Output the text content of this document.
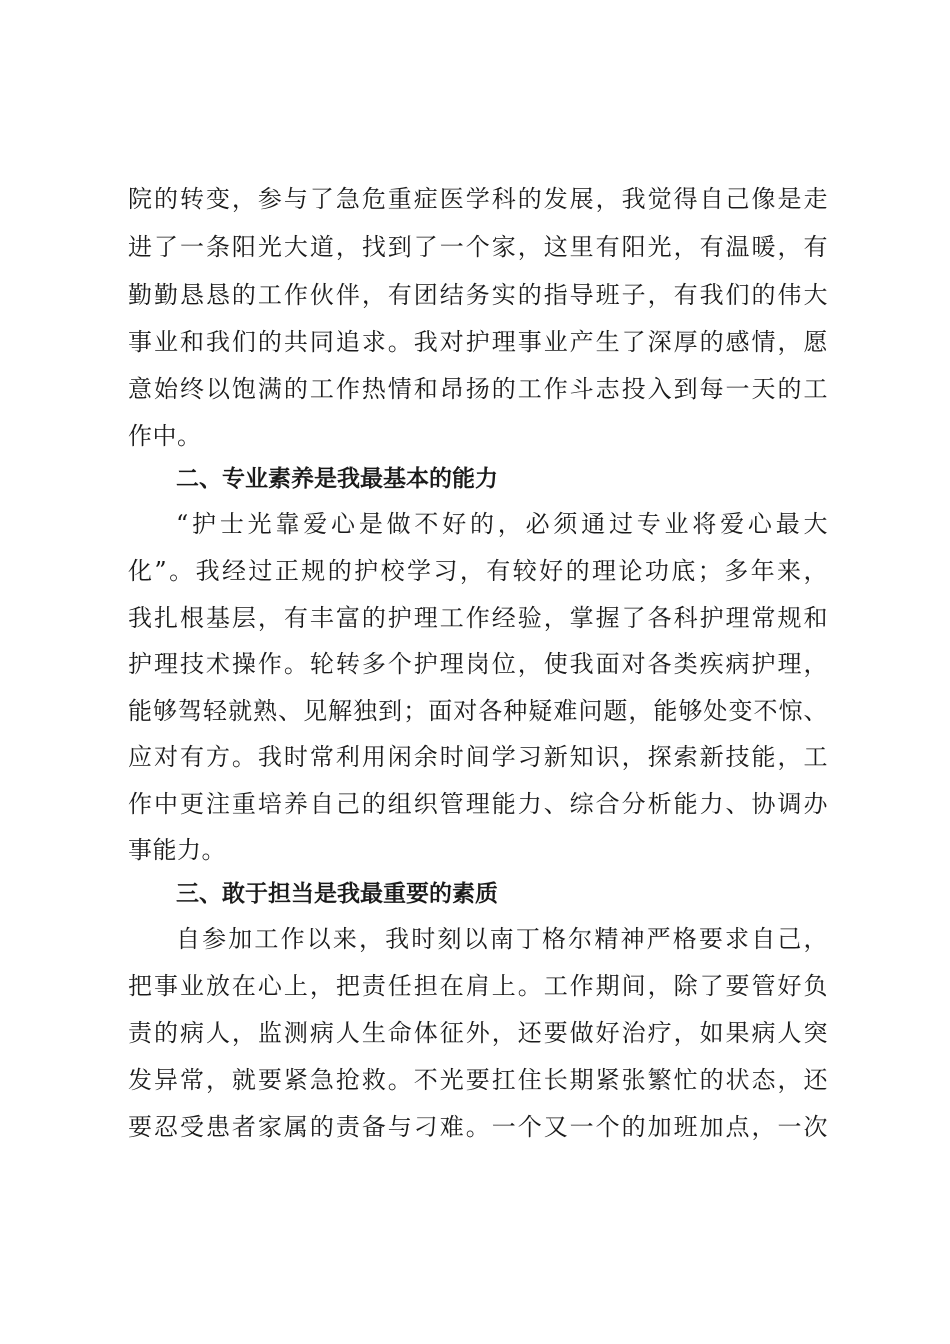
院的转变，参与了急危重症医学科的发展，我觉得自己像是走
进了一条阳光大道，找到了一个家，这里有阳光，有温暖，有
勤勤恳恳的工作伙伴，有团结务实的指导班子，有我们的伟大
事业和我们的共同追求。我对护理事业产生了深厚的感情，愿
意始终以饱满的工作热情和昂扬的工作斗志投入到每一天的工
作中。
二、专业素养是我最基本的能力
“护士光靠爱心是做不好的，必须通过专业将爱心最大
化”。我经过正规的护校学习，有较好的理论功底；多年来，
我扎根基层，有丰富的护理工作经验，掌握了各科护理常规和
护理技术操作。轮转多个护理岗位，使我面对各类疾病护理，
能够驾轻就熟、见解独到；面对各种疑难问题，能够处变不惊、
应对有方。我时常利用闲余时间学习新知识，探索新技能，工
作中更注重培养自己的组织管理能力、综合分析能力、协调办
事能力。
三、敢于担当是我最重要的素质
自参加工作以来，我时刻以南丁格尔精神严格要求自己，
把事业放在心上，把责任担在肩上。工作期间，除了要管好负
责的病人，监测病人生命体征外，还要做好治疗，如果病人突
发异常，就要紧急抢救。不光要扛住长期紧张繁忙的状态，还
要忍受患者家属的责备与刁难。一个又一个的加班加点，一次
